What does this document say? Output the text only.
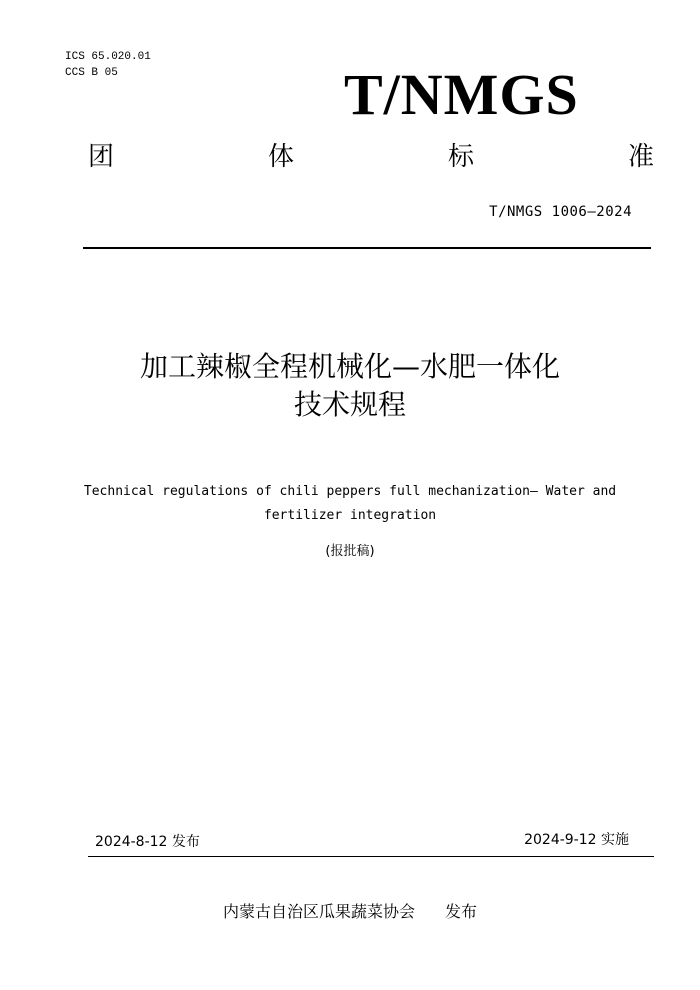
ICS 65.020.01
CCS B 05	T/NMGS
团	体	标	准
T/NMGS 1006—2024
加工辣椒全程机械化—水肥一体化
技术规程
Technical regulations of chili peppers full mechanization— Water and
fertilizer integration
(报批稿)
2024-8-12 发布	2024-9-12 实施
内蒙古自治区瓜果蔬菜协会 发布
